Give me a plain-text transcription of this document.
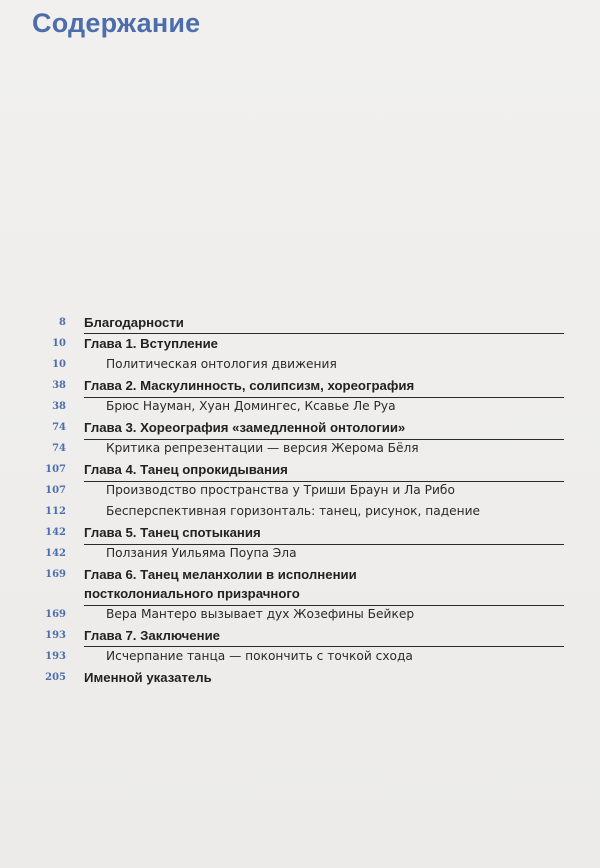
Содержание
8 Благодарности
10 Глава 1. Вступление
10	Политическая онтология движения
38 Глава 2. Маскулинность, солипсизм, хореография
38	Брюс Науман, Хуан Домингес, Ксавье Ле Руа
74 Глава 3. Хореография «замедленной онтологии»
74	Критика репрезентации — версия Жерома Бёля
107 Глава 4. Танец опрокидывания
107	Производство пространства у Триши Браун и Ла Рибо
112	Бесперспективная горизонталь: танец, рисунок, падение
142 Глава 5. Танец спотыкания
142	Ползания Уильяма Поупа Эла
169 Глава 6. Танец меланхолии в исполнении постколониального призрачного
169	Вера Мантеро вызывает дух Жозефины Бейкер
193 Глава 7. Заключение
193	Исчерпание танца — покончить с точкой схода
205 Именной указатель
